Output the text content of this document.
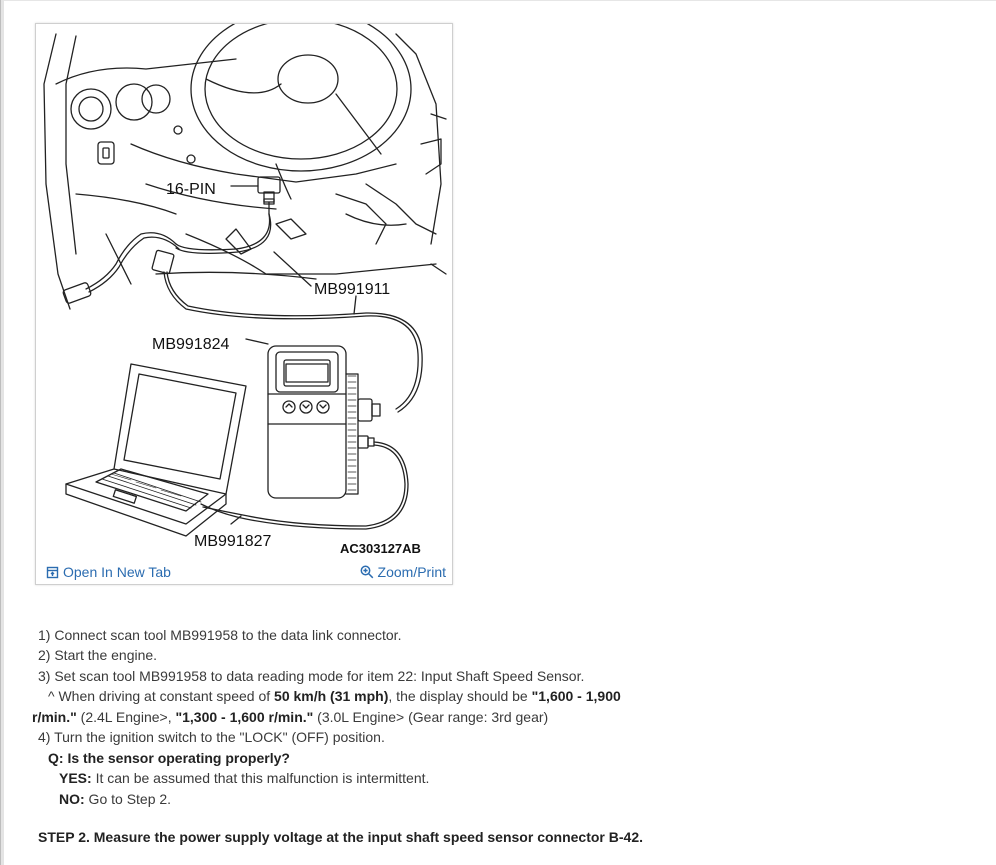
16-PIN
MB991911
MB991824
MB991827	AC303127AB
Open In New Tab	Zoom/Print
1) Connect scan tool MB991958 to the data link connector.
2) Start the engine.
3) Set scan tool MB991958 to data reading mode for item 22: Input Shaft Speed Sensor.
^ When driving at constant speed of 50 km/h (31 mph), the display should be "1,600 - 1,900
r/min." (2.4L Engine>, "1,300 - 1,600 r/min." (3.0L Engine> (Gear range: 3rd gear)
4) Turn the ignition switch to the "LOCK" (OFF) position.
Q: Is the sensor operating properly?
YES: It can be assumed that this malfunction is intermittent.
NO: Go to Step 2.
STEP 2. Measure the power supply voltage at the input shaft speed sensor connector B-42.
